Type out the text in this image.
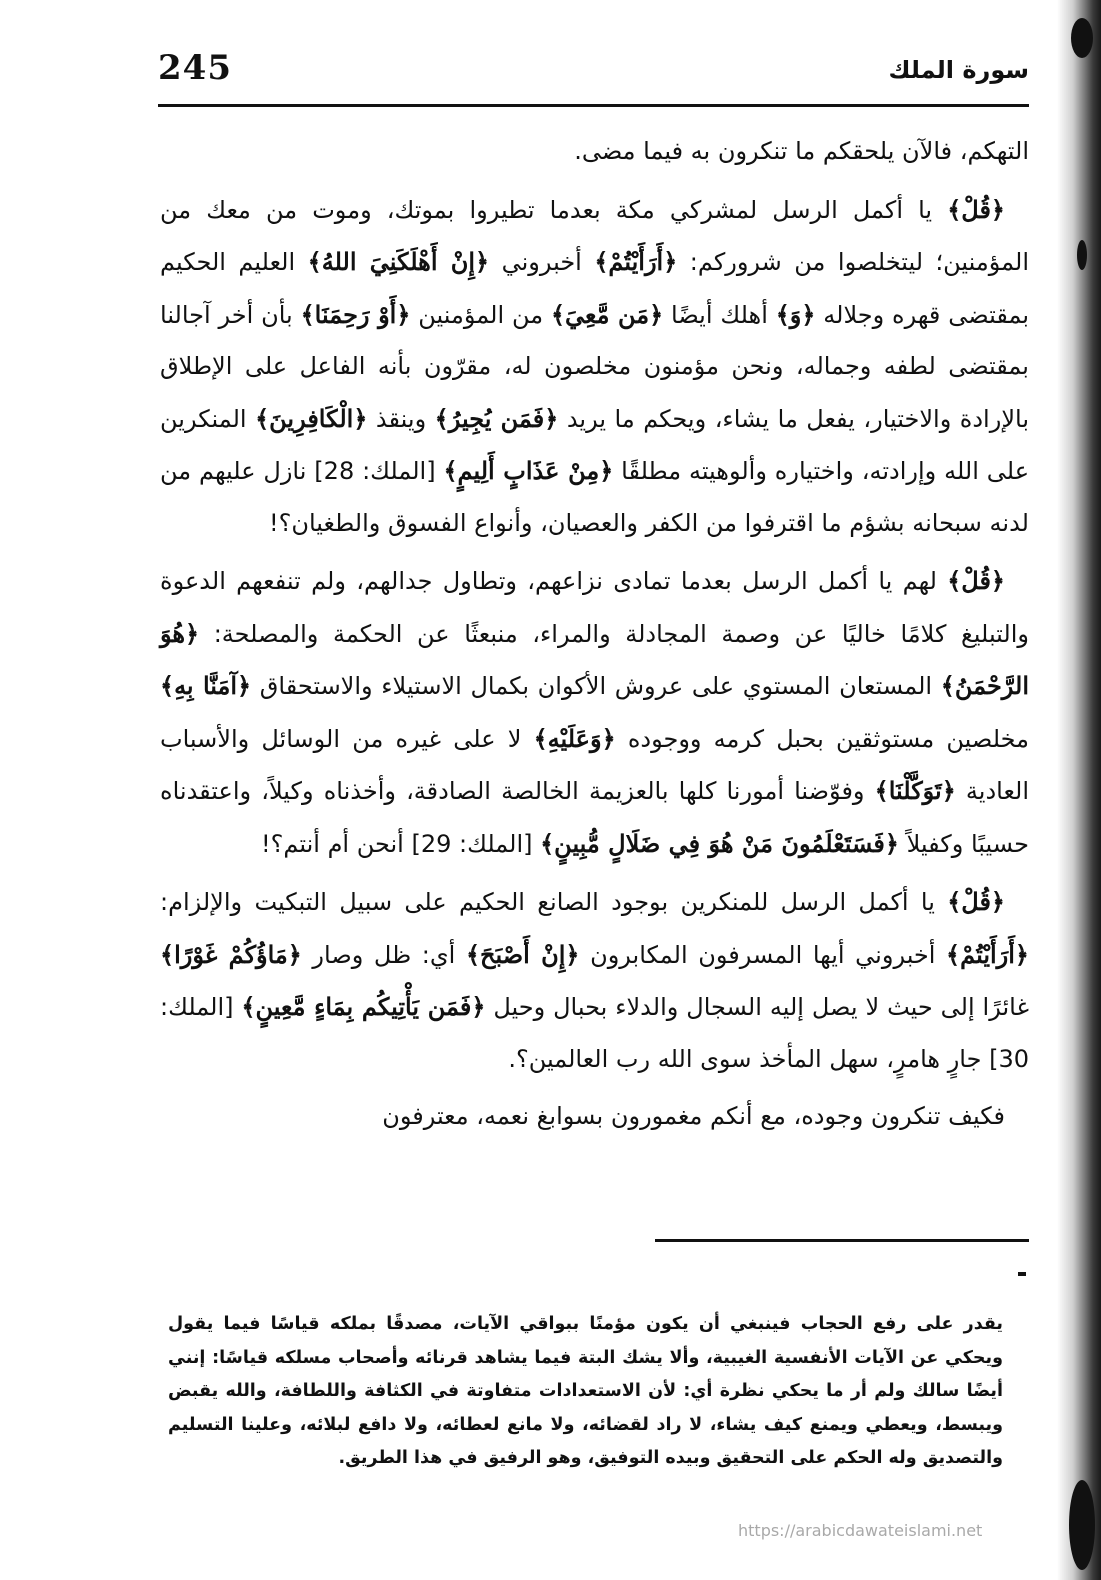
245	سورة الملك

التهكم، فالآن يلحقكم ما تنكرون به فيما مضى.

﴿قُلْ﴾ يا أكمل الرسل لمشركي مكة بعدما تطيروا بموتك، وموت من معك من المؤمنين؛ ليتخلصوا من شروركم: ﴿أَرَأَيْتُمْ﴾ أخبروني ﴿إِنْ أَهْلَكَنِيَ اللهُ﴾ العليم الحكيم بمقتضى قهره وجلاله ﴿وَ﴾ أهلك أيضًا ﴿مَن مَّعِيَ﴾ من المؤمنين ﴿أَوْ رَحِمَنَا﴾ بأن أخر آجالنا بمقتضى لطفه وجماله، ونحن مؤمنون مخلصون له، مقرّون بأنه الفاعل على الإطلاق بالإرادة والاختيار، يفعل ما يشاء، ويحكم ما يريد ﴿فَمَن يُجِيرُ﴾ وينقذ ﴿الْكَافِرِينَ﴾ المنكرين على الله وإرادته، واختياره وألوهيته مطلقًا ﴿مِنْ عَذَابٍ أَلِيمٍ﴾ [الملك: 28] نازل عليهم من لدنه سبحانه بشؤم ما اقترفوا من الكفر والعصيان، وأنواع الفسوق والطغيان؟!

﴿قُلْ﴾ لهم يا أكمل الرسل بعدما تمادى نزاعهم، وتطاول جدالهم، ولم تنفعهم الدعوة والتبليغ كلامًا خاليًا عن وصمة المجادلة والمراء، منبعثًا عن الحكمة والمصلحة: ﴿هُوَ الرَّحْمَنُ﴾ المستعان المستوي على عروش الأكوان بكمال الاستيلاء والاستحقاق ﴿آمَنَّا بِهِ﴾ مخلصين مستوثقين بحبل كرمه ووجوده ﴿وَعَلَيْهِ﴾ لا على غيره من الوسائل والأسباب العادية ﴿تَوَكَّلْنَا﴾ وفوّضنا أمورنا كلها بالعزيمة الخالصة الصادقة، وأخذناه وكيلاً، واعتقدناه حسيبًا وكفيلاً ﴿فَسَتَعْلَمُونَ مَنْ هُوَ فِي ضَلَالٍ مُّبِينٍ﴾ [الملك: 29] أنحن أم أنتم؟!

﴿قُلْ﴾ يا أكمل الرسل للمنكرين بوجود الصانع الحكيم على سبيل التبكيت والإلزام: ﴿أَرَأَيْتُمْ﴾ أخبروني أيها المسرفون المكابرون ﴿إِنْ أَصْبَحَ﴾ أي: ظل وصار ﴿مَاؤُكُمْ غَوْرًا﴾ غائرًا إلى حيث لا يصل إليه السجال والدلاء بحبال وحيل ﴿فَمَن يَأْتِيكُم بِمَاءٍ مَّعِينٍ﴾ [الملك: 30] جارٍ هامرٍ، سهل المأخذ سوى الله رب العالمين؟.

فكيف تنكرون وجوده، مع أنكم مغمورون بسوابغ نعمه، معترفون

يقدر على رفع الحجاب فينبغي أن يكون مؤمنًا ببواقي الآيات، مصدقًا بملكه قياسًا فيما يقول ويحكي عن الآيات الأنفسية الغيبية، وألا يشك البتة فيما يشاهد قرنائه وأصحاب مسلكه قياسًا: إنني أيضًا سالك ولم أر ما يحكي نظرة أي: لأن الاستعدادات متفاوتة في الكثافة واللطافة، والله يقبض ويبسط، ويعطي ويمنع كيف يشاء، لا راد لقضائه، ولا مانع لعطائه، ولا دافع لبلائه، وعلينا التسليم والتصديق وله الحكم على التحقيق وبيده التوفيق، وهو الرفيق في هذا الطريق.

https://arabicdawateislami.net
